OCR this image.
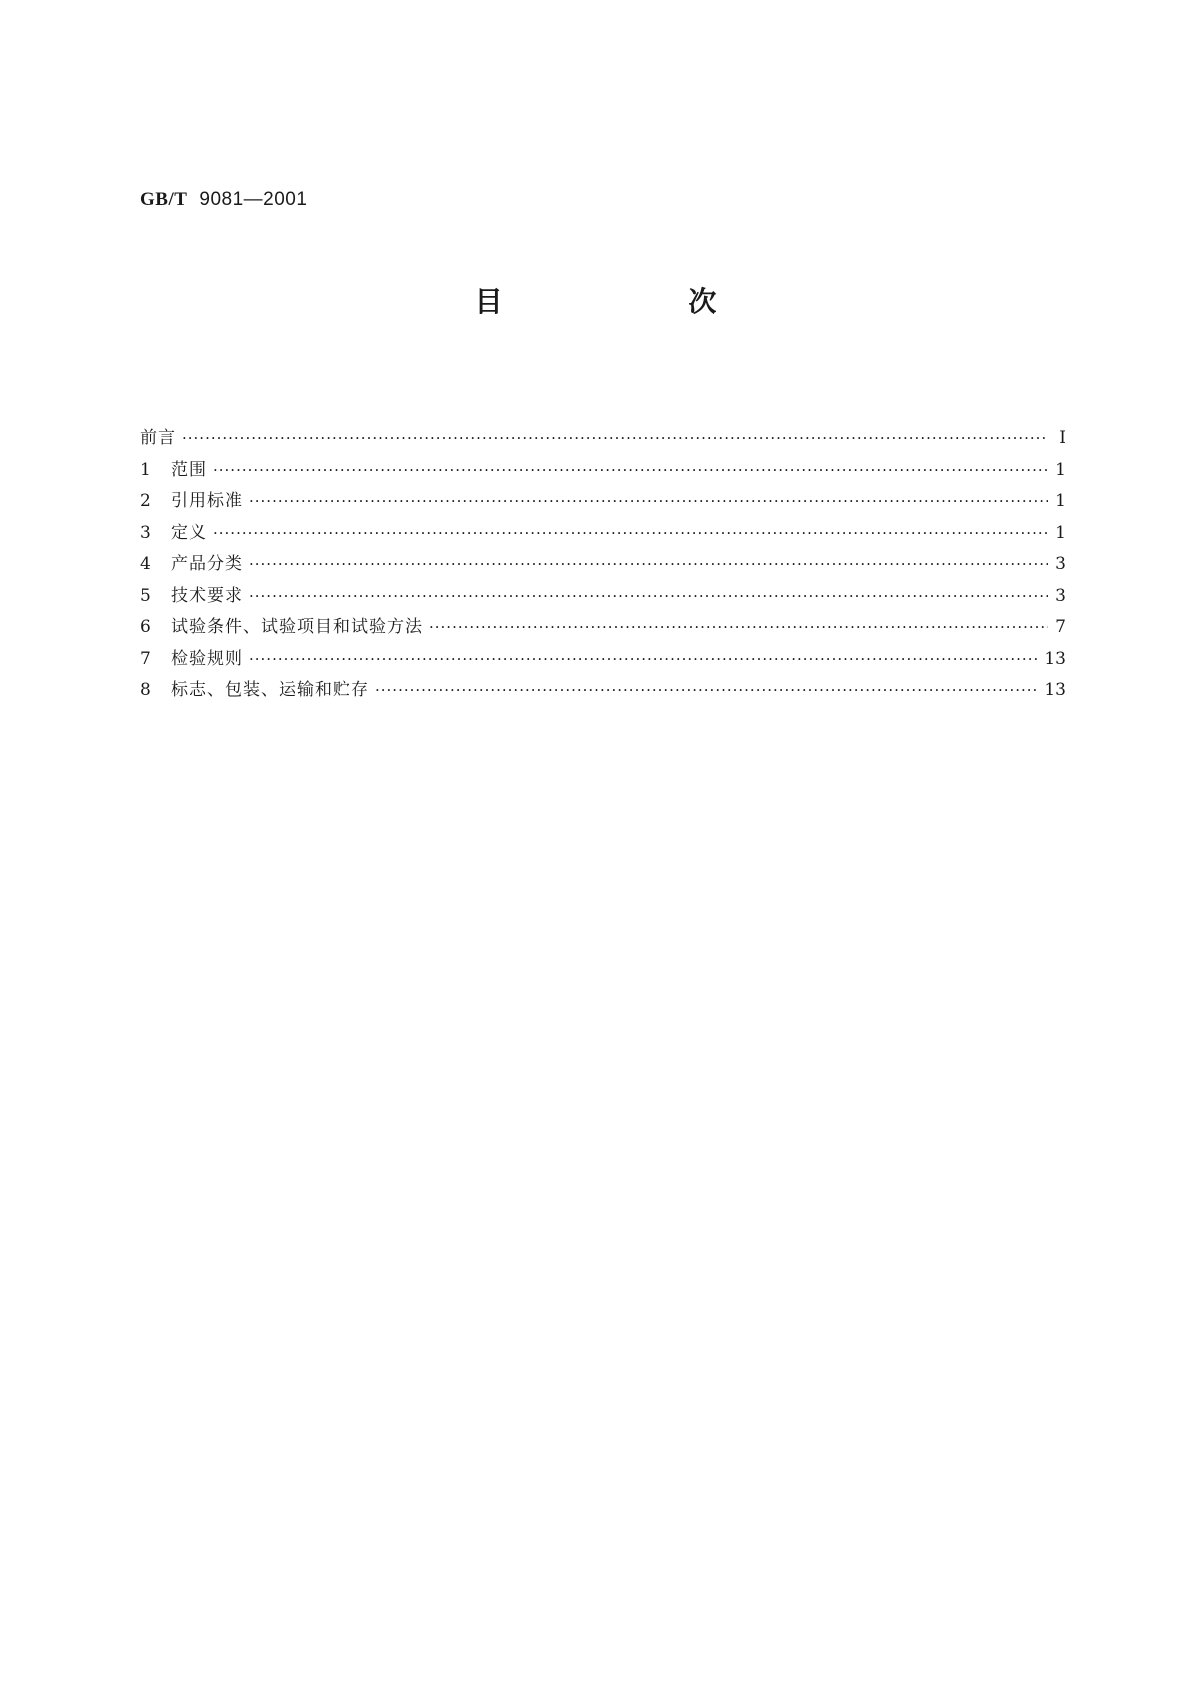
GB/T 9081—2001
目 次
前言 ·····	I
1	范围 ·····	1
2	引用标准 ·····	1
3	定义 ·····	1
4	产品分类 ·····	3
5	技术要求 ·····	3
6	试验条件、试验项目和试验方法 ·····	7
7	检验规则 ·····	13
8	标志、包装、运输和贮存 ·····	13
